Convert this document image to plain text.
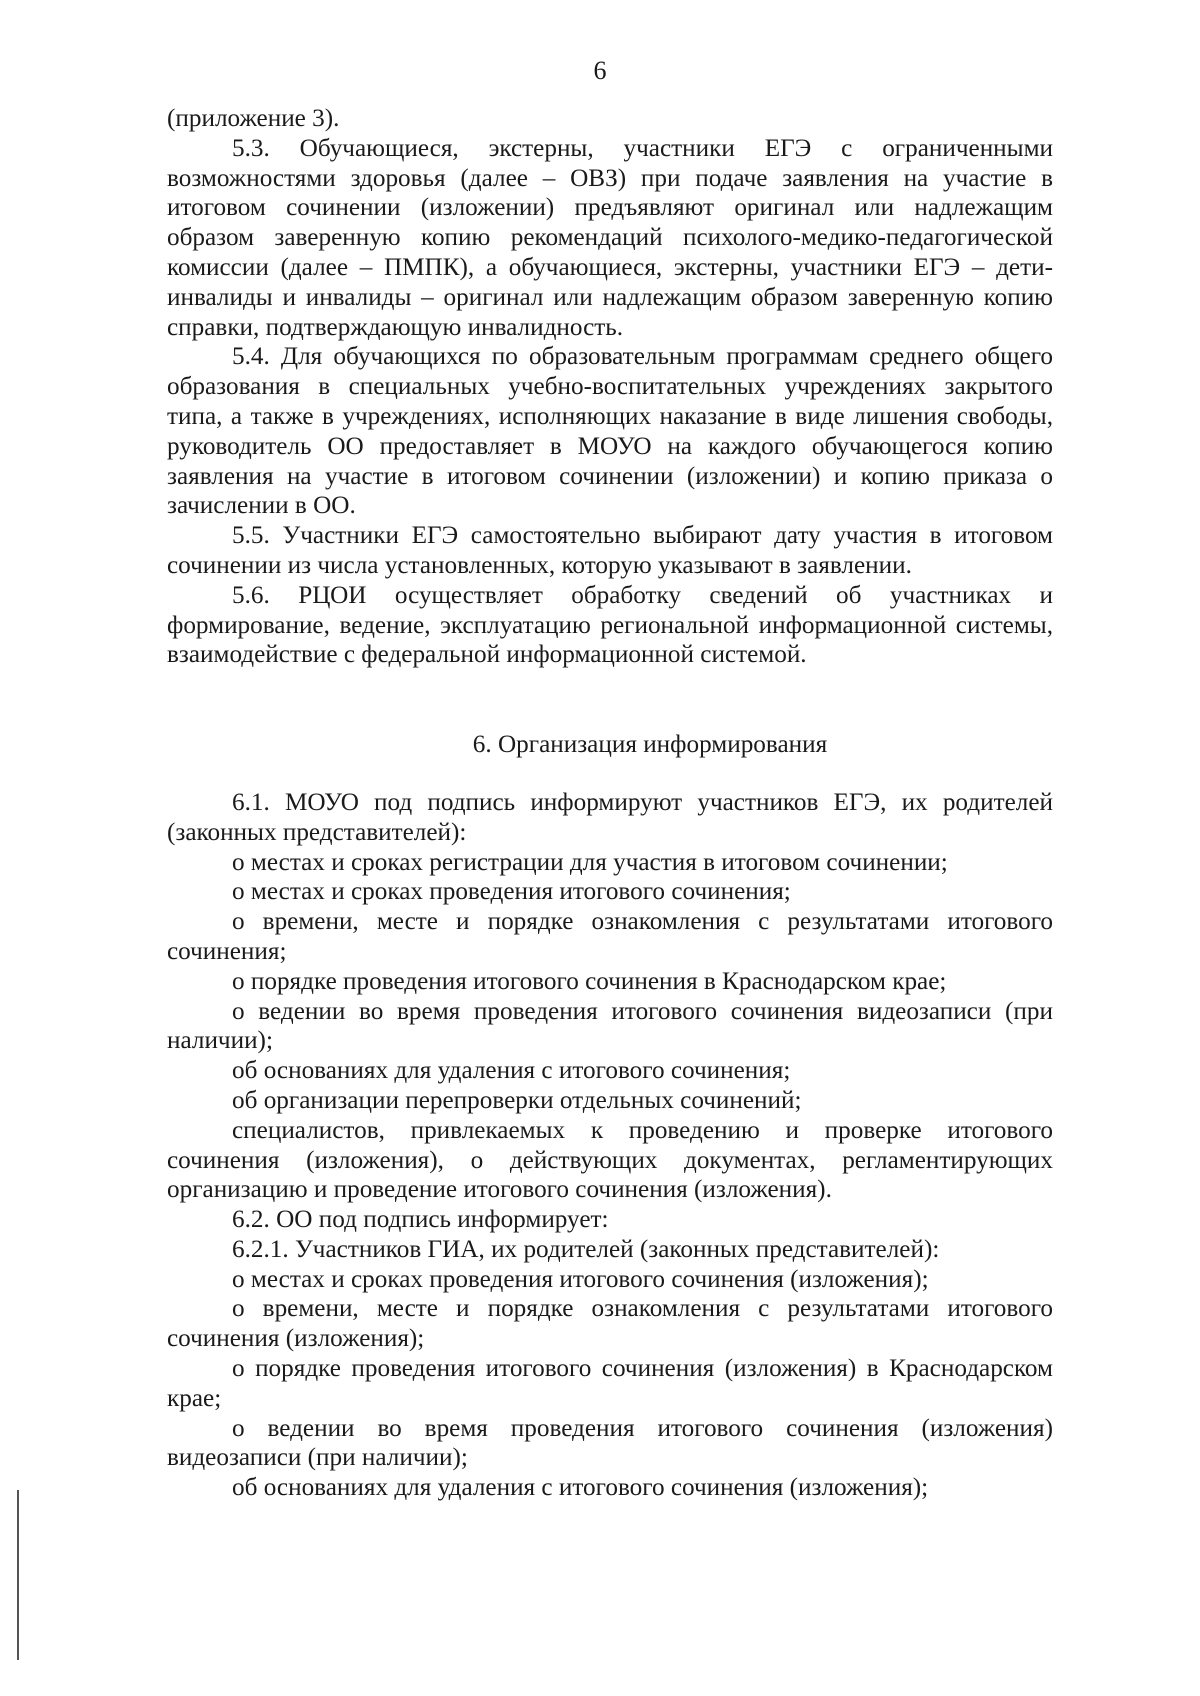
6

(приложение 3).

5.3. Обучающиеся, экстерны, участники ЕГЭ с ограниченными возможностями здоровья (далее – ОВЗ) при подаче заявления на участие в итоговом сочинении (изложении) предъявляют оригинал или надлежащим образом заверенную копию рекомендаций психолого-медико-педагогической комиссии (далее – ПМПК), а обучающиеся, экстерны, участники ЕГЭ – дети-инвалиды и инвалиды – оригинал или надлежащим образом заверенную копию справки, подтверждающую инвалидность.

5.4. Для обучающихся по образовательным программам среднего общего образования в специальных учебно-воспитательных учреждениях закрытого типа, а также в учреждениях, исполняющих наказание в виде лишения свободы, руководитель ОО предоставляет в МОУО на каждого обучающегося копию заявления на участие в итоговом сочинении (изложении) и копию приказа о зачислении в ОО.

5.5. Участники ЕГЭ самостоятельно выбирают дату участия в итоговом сочинении из числа установленных, которую указывают в заявлении.

5.6. РЦОИ осуществляет обработку сведений об участниках и формирование, ведение, эксплуатацию региональной информационной системы, взаимодействие с федеральной информационной системой.

6. Организация информирования

6.1. МОУО под подпись информируют участников ЕГЭ, их родителей (законных представителей):

о местах и сроках регистрации для участия в итоговом сочинении;

о местах и сроках проведения итогового сочинения;

о времени, месте и порядке ознакомления с результатами итогового сочинения;

о порядке проведения итогового сочинения в Краснодарском крае;

о ведении во время проведения итогового сочинения видеозаписи (при наличии);

об основаниях для удаления с итогового сочинения;

об организации перепроверки отдельных сочинений;

специалистов, привлекаемых к проведению и проверке итогового сочинения (изложения), о действующих документах, регламентирующих организацию и проведение итогового сочинения (изложения).

6.2. ОО под подпись информирует:

6.2.1. Участников ГИА, их родителей (законных представителей):

о местах и сроках проведения итогового сочинения (изложения);

о времени, месте и порядке ознакомления с результатами итогового сочинения (изложения);

о порядке проведения итогового сочинения (изложения) в Краснодарском крае;

о ведении во время проведения итогового сочинения (изложения) видеозаписи (при наличии);

об основаниях для удаления с итогового сочинения (изложения);
